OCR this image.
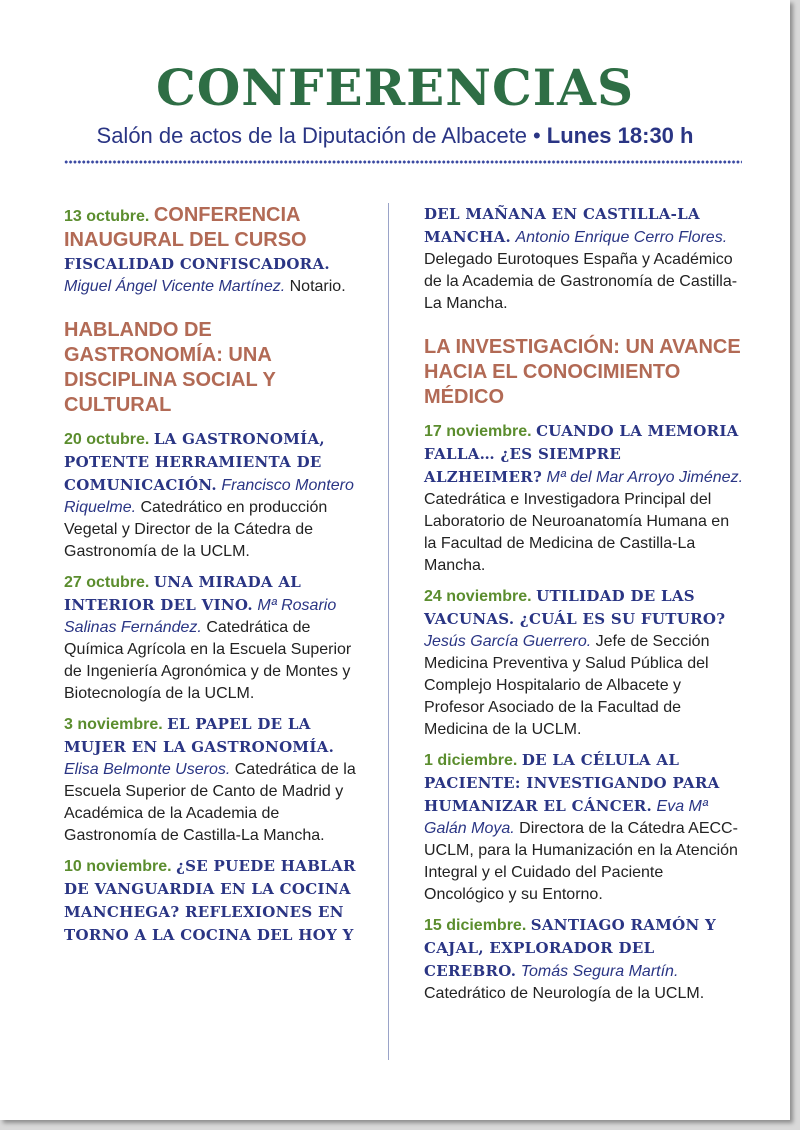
CONFERENCIAS
Salón de actos de la Diputación de Albacete • Lunes 18:30 h
13 octubre. CONFERENCIA INAUGURAL DEL CURSO
FISCALIDAD CONFISCADORA.
Miguel Ángel Vicente Martínez. Notario.
HABLANDO DE GASTRONOMÍA: UNA DISCIPLINA SOCIAL Y CULTURAL
20 octubre. LA GASTRONOMÍA, POTENTE HERRAMIENTA DE COMUNICACIÓN. Francisco Montero Riquelme. Catedrático en producción Vegetal y Director de la Cátedra de Gastronomía de la UCLM.
27 octubre. UNA MIRADA AL INTERIOR DEL VINO. Mª Rosario Salinas Fernández. Catedrática de Química Agrícola en la Escuela Superior de Ingeniería Agronómica y de Montes y Biotecnología de la UCLM.
3 noviembre. EL PAPEL DE LA MUJER EN LA GASTRONOMÍA. Elisa Belmonte Useros. Catedrática de la Escuela Superior de Canto de Madrid y Académica de la Academia de Gastronomía de Castilla-La Mancha.
10 noviembre. ¿SE PUEDE HABLAR DE VANGUARDIA EN LA COCINA MANCHEGA? REFLEXIONES EN TORNO A LA COCINA DEL HOY Y
DEL MAÑANA EN CASTILLA-LA MANCHA. Antonio Enrique Cerro Flores. Delegado Eurotoques España y Académico de la Academia de Gastronomía de Castilla-La Mancha.
LA INVESTIGACIÓN: UN AVANCE HACIA EL CONOCIMIENTO MÉDICO
17 noviembre. CUANDO LA MEMORIA FALLA… ¿ES SIEMPRE ALZHEIMER? Mª del Mar Arroyo Jiménez. Catedrática e Investigadora Principal del Laboratorio de Neuroanatomía Humana en la Facultad de Medicina de Castilla-La Mancha.
24 noviembre. UTILIDAD DE LAS VACUNAS. ¿CUÁL ES SU FUTURO? Jesús García Guerrero. Jefe de Sección Medicina Preventiva y Salud Pública del Complejo Hospitalario de Albacete y Profesor Asociado de la Facultad de Medicina de la UCLM.
1 diciembre. DE LA CÉLULA AL PACIENTE: INVESTIGANDO PARA HUMANIZAR EL CÁNCER. Eva Mª Galán Moya. Directora de la Cátedra AECC-UCLM, para la Humanización en la Atención Integral y el Cuidado del Paciente Oncológico y su Entorno.
15 diciembre. SANTIAGO RAMÓN Y CAJAL, EXPLORADOR DEL CEREBRO. Tomás Segura Martín. Catedrático de Neurología de la UCLM.
